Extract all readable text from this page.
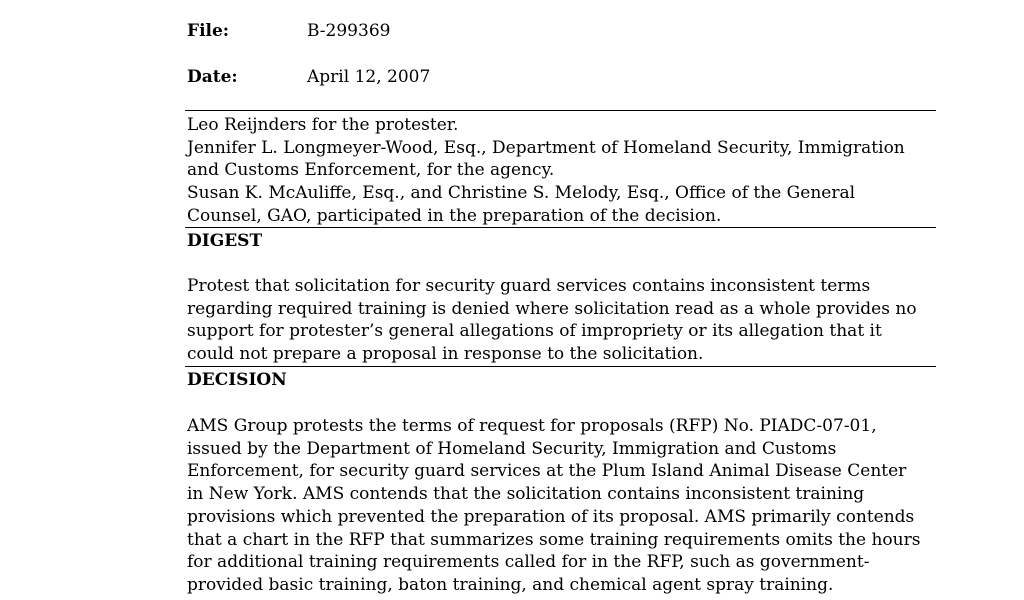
File:	B-299369
Date:	April 12, 2007
Leo Reijnders for the protester.
Jennifer L. Longmeyer-Wood, Esq., Department of Homeland Security, Immigration
and Customs Enforcement, for the agency.
Susan K. McAuliffe, Esq., and Christine S. Melody, Esq., Office of the General
Counsel, GAO, participated in the preparation of the decision.
DIGEST
Protest that solicitation for security guard services contains inconsistent terms
regarding required training is denied where solicitation read as a whole provides no
support for protester’s general allegations of impropriety or its allegation that it
could not prepare a proposal in response to the solicitation.
DECISION
AMS Group protests the terms of request for proposals (RFP) No. PIADC-07-01,
issued by the Department of Homeland Security, Immigration and Customs
Enforcement, for security guard services at the Plum Island Animal Disease Center
in New York. AMS contends that the solicitation contains inconsistent training
provisions which prevented the preparation of its proposal. AMS primarily contends
that a chart in the RFP that summarizes some training requirements omits the hours
for additional training requirements called for in the RFP, such as government-
provided basic training, baton training, and chemical agent spray training.
